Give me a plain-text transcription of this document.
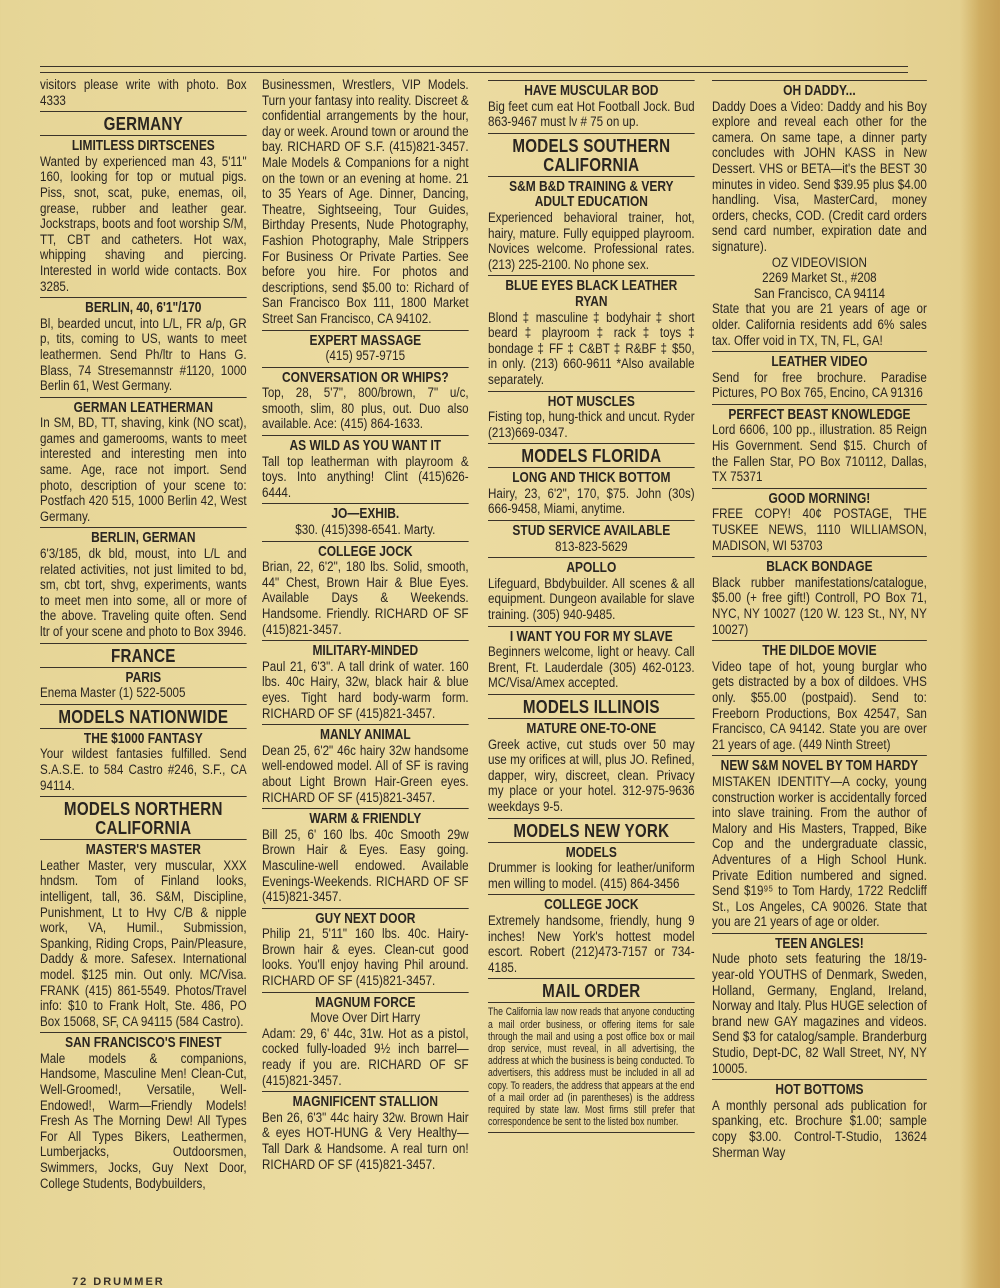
visitors please write with photo. Box 4333
GERMANY
LIMITLESS DIRTSCENES
Wanted by experienced man 43, 5'11" 160, looking for top or mutual pigs. Piss, snot, scat, puke, enemas, oil, grease, rubber and leather gear. Jockstraps, boots and foot worship S/M, TT, CBT and catheters. Hot wax, whipping shaving and piercing. Interested in world wide contacts. Box 3285.
BERLIN, 40, 6'1"/170
Bl, bearded uncut, into L/L, FR a/p, GR p, tits, coming to US, wants to meet leathermen. Send Ph/ltr to Hans G. Blass, 74 Stresemannstr #1120, 1000 Berlin 61, West Germany.
GERMAN LEATHERMAN
In SM, BD, TT, shaving, kink (NO scat), games and gamerooms, wants to meet interested and interesting men into same. Age, race not import. Send photo, description of your scene to: Postfach 420 515, 1000 Berlin 42, West Germany.
BERLIN, GERMAN
6'3/185, dk bld, moust, into L/L and related activities, not just limited to bd, sm, cbt tort, shvg, experiments, wants to meet men into some, all or more of the above. Traveling quite often. Send ltr of your scene and photo to Box 3946.
FRANCE
PARIS
Enema Master (1) 522-5005
MODELS NATIONWIDE
THE $1000 FANTASY
Your wildest fantasies fulfilled. Send S.A.S.E. to 584 Castro #246, S.F., CA 94114.
MODELS NORTHERN CALIFORNIA
MASTER'S MASTER
Leather Master, very muscular, XXX hndsm. Tom of Finland looks, intelligent, tall, 36. S&M, Discipline, Punishment, Lt to Hvy C/B & nipple work, VA, Humil., Submission, Spanking, Riding Crops, Pain/Pleasure, Daddy & more. Safesex. International model. $125 min. Out only. MC/Visa. FRANK (415) 861-5549. Photos/Travel info: $10 to Frank Holt, Ste. 486, PO Box 15068, SF, CA 94115 (584 Castro).
SAN FRANCISCO'S FINEST
Male models & companions, Handsome, Masculine Men! Clean-Cut, Well-Groomed!, Versatile, Well-Endowed!, Warm—Friendly Models! Fresh As The Morning Dew! All Types For All Types Bikers, Leathermen, Lumberjacks, Outdoorsmen, Swimmers, Jocks, Guy Next Door, College Students, Bodybuilders,
Businessmen, Wrestlers, VIP Models. Turn your fantasy into reality. Discreet & confidential arrangements by the hour, day or week. Around town or around the bay. RICHARD OF S.F. (415)821-3457. Male Models & Companions for a night on the town or an evening at home. 21 to 35 Years of Age. Dinner, Dancing, Theatre, Sightseeing, Tour Guides, Birthday Presents, Nude Photography, Fashion Photography, Male Strippers For Business Or Private Parties. See before you hire. For photos and descriptions, send $5.00 to: Richard of San Francisco Box 111, 1800 Market Street San Francisco, CA 94102.
EXPERT MASSAGE
(415) 957-9715
CONVERSATION OR WHIPS?
Top, 28, 5'7", 800/brown, 7" u/c, smooth, slim, 80 plus, out. Duo also available. Ace: (415) 864-1633.
AS WILD AS YOU WANT IT
Tall top leatherman with playroom & toys. Into anything! Clint (415)626-6444.
JO—EXHIB.
$30. (415)398-6541. Marty.
COLLEGE JOCK
Brian, 22, 6'2", 180 lbs. Solid, smooth, 44" Chest, Brown Hair & Blue Eyes. Available Days & Weekends. Handsome. Friendly. RICHARD OF SF (415)821-3457.
MILITARY-MINDED
Paul 21, 6'3". A tall drink of water. 160 lbs. 40c Hairy, 32w, black hair & blue eyes. Tight hard body-warm form. RICHARD OF SF (415)821-3457.
MANLY ANIMAL
Dean 25, 6'2" 46c hairy 32w handsome well-endowed model. All of SF is raving about Light Brown Hair-Green eyes. RICHARD OF SF (415)821-3457.
WARM & FRIENDLY
Bill 25, 6' 160 lbs. 40c Smooth 29w Brown Hair & Eyes. Easy going. Masculine-well endowed. Available Evenings-Weekends. RICHARD OF SF (415)821-3457.
GUY NEXT DOOR
Philip 21, 5'11" 160 lbs. 40c. Hairy-Brown hair & eyes. Clean-cut good looks. You'll enjoy having Phil around. RICHARD OF SF (415)821-3457.
MAGNUM FORCE
Move Over Dirt Harry
Adam: 29, 6' 44c, 31w. Hot as a pistol, cocked fully-loaded 9½ inch barrel—ready if you are. RICHARD OF SF (415)821-3457.
MAGNIFICENT STALLION
Ben 26, 6'3" 44c hairy 32w. Brown Hair & eyes HOT-HUNG & Very Healthy—Tall Dark & Handsome. A real turn on! RICHARD OF SF (415)821-3457.
HAVE MUSCULAR BOD
Big feet cum eat Hot Football Jock. Bud 863-9467 must lv # 75 on up.
MODELS SOUTHERN CALIFORNIA
S&M B&D TRAINING & VERY ADULT EDUCATION
Experienced behavioral trainer, hot, hairy, mature. Fully equipped playroom. Novices welcome. Professional rates. (213) 225-2100. No phone sex.
BLUE EYES BLACK LEATHER RYAN
Blond ‡ masculine ‡ bodyhair ‡ short beard ‡ playroom ‡ rack ‡ toys ‡ bondage ‡ FF ‡ C&BT ‡ R&BF ‡ $50, in only. (213) 660-9611 *Also available separately.
HOT MUSCLES
Fisting top, hung-thick and uncut. Ryder (213)669-0347.
MODELS FLORIDA
LONG AND THICK BOTTOM
Hairy, 23, 6'2", 170, $75. John (30s) 666-9458, Miami, anytime.
STUD SERVICE AVAILABLE
813-823-5629
APOLLO
Lifeguard, Bbdybuilder. All scenes & all equipment. Dungeon available for slave training. (305) 940-9485.
I WANT YOU FOR MY SLAVE
Beginners welcome, light or heavy. Call Brent, Ft. Lauderdale (305) 462-0123. MC/Visa/Amex accepted.
MODELS ILLINOIS
MATURE ONE-TO-ONE
Greek active, cut studs over 50 may use my orifices at will, plus JO. Refined, dapper, wiry, discreet, clean. Privacy my place or your hotel. 312-975-9636 weekdays 9-5.
MODELS NEW YORK
MODELS
Drummer is looking for leather/uniform men willing to model. (415) 864-3456
COLLEGE JOCK
Extremely handsome, friendly, hung 9 inches! New York's hottest model escort. Robert (212)473-7157 or 734-4185.
MAIL ORDER
The California law now reads that anyone conducting a mail order business, or offering items for sale through the mail and using a post office box or mail drop service, must reveal, in all advertising, the address at which the business is being conducted. To advertisers, this address must be included in all ad copy. To readers, the address that appears at the end of a mail order ad (in parentheses) is the address required by state law. Most firms still prefer that correspondence be sent to the listed box number.
OH DADDY...
Daddy Does a Video: Daddy and his Boy explore and reveal each other for the camera. On same tape, a dinner party concludes with JOHN KASS in New Dessert. VHS or BETA—it's the BEST 30 minutes in video. Send $39.95 plus $4.00 handling. Visa, MasterCard, money orders, checks, COD. (Credit card orders send card number, expiration date and signature).
OZ VIDEOVISION
2269 Market St., #208
San Francisco, CA 94114
State that you are 21 years of age or older. California residents add 6% sales tax. Offer void in TX, TN, FL, GA!
LEATHER VIDEO
Send for free brochure. Paradise Pictures, PO Box 765, Encino, CA 91316
PERFECT BEAST KNOWLEDGE
Lord 6606, 100 pp., illustration. 85 Reign His Government. Send $15. Church of the Fallen Star, PO Box 710112, Dallas, TX 75371
GOOD MORNING!
FREE COPY! 40¢ POSTAGE, THE TUSKEE NEWS, 1110 WILLIAMSON, MADISON, WI 53703
BLACK BONDAGE
Black rubber manifestations/catalogue, $5.00 (+ free gift!) Controll, PO Box 71, NYC, NY 10027 (120 W. 123 St., NY, NY 10027)
THE DILDOE MOVIE
Video tape of hot, young burglar who gets distracted by a box of dildoes. VHS only. $55.00 (postpaid). Send to: Freeborn Productions, Box 42547, San Francisco, CA 94142. State you are over 21 years of age. (449 Ninth Street)
NEW S&M NOVEL BY TOM HARDY
MISTAKEN IDENTITY—A cocky, young construction worker is accidentally forced into slave training. From the author of Malory and His Masters, Trapped, Bike Cop and the undergraduate classic, Adventures of a High School Hunk. Private Edition numbered and signed. Send $19⁹⁵ to Tom Hardy, 1722 Redcliff St., Los Angeles, CA 90026. State that you are 21 years of age or older.
TEEN ANGLES!
Nude photo sets featuring the 18/19-year-old YOUTHS of Denmark, Sweden, Holland, Germany, England, Ireland, Norway and Italy. Plus HUGE selection of brand new GAY magazines and videos. Send $3 for catalog/sample. Branderburg Studio, Dept-DC, 82 Wall Street, NY, NY 10005.
HOT BOTTOMS
A monthly personal ads publication for spanking, etc. Brochure $1.00; sample copy $3.00. Control-T-Studio, 13624 Sherman Way
72 DRUMMER
